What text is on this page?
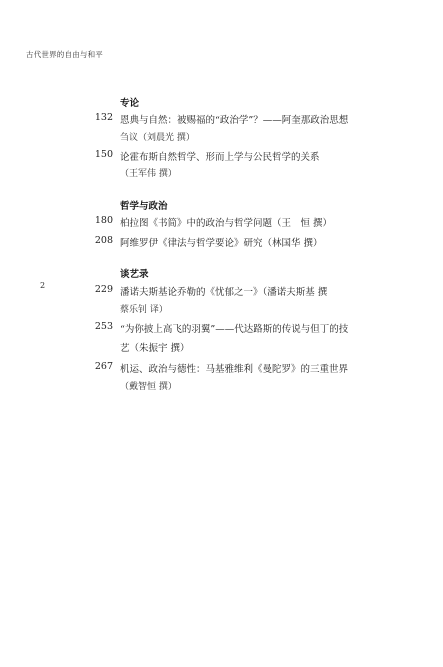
古代世界的自由与和平
2
专论
132 恩典与自然：被赐福的“政治学”？——阿奎那政治思想
刍议（刘晨光 撰）
150 论霍布斯自然哲学、形而上学与公民哲学的关系
（王军伟 撰）
哲学与政治
180 柏拉图《书简》中的政治与哲学问题（王　恒 撰）
208 阿维罗伊《律法与哲学要论》研究（林国华 撰）
谈艺录
229 潘诺夫斯基论乔勒的《忧郁之一》（潘诺夫斯基 撰
蔡乐钊 译）
253 “为你披上高飞的羽翼”——代达路斯的传说与但丁的技
艺（朱振宇 撰）
267 机运、政治与德性：马基雅维利《曼陀罗》的三重世界
（戴智恒 撰）
